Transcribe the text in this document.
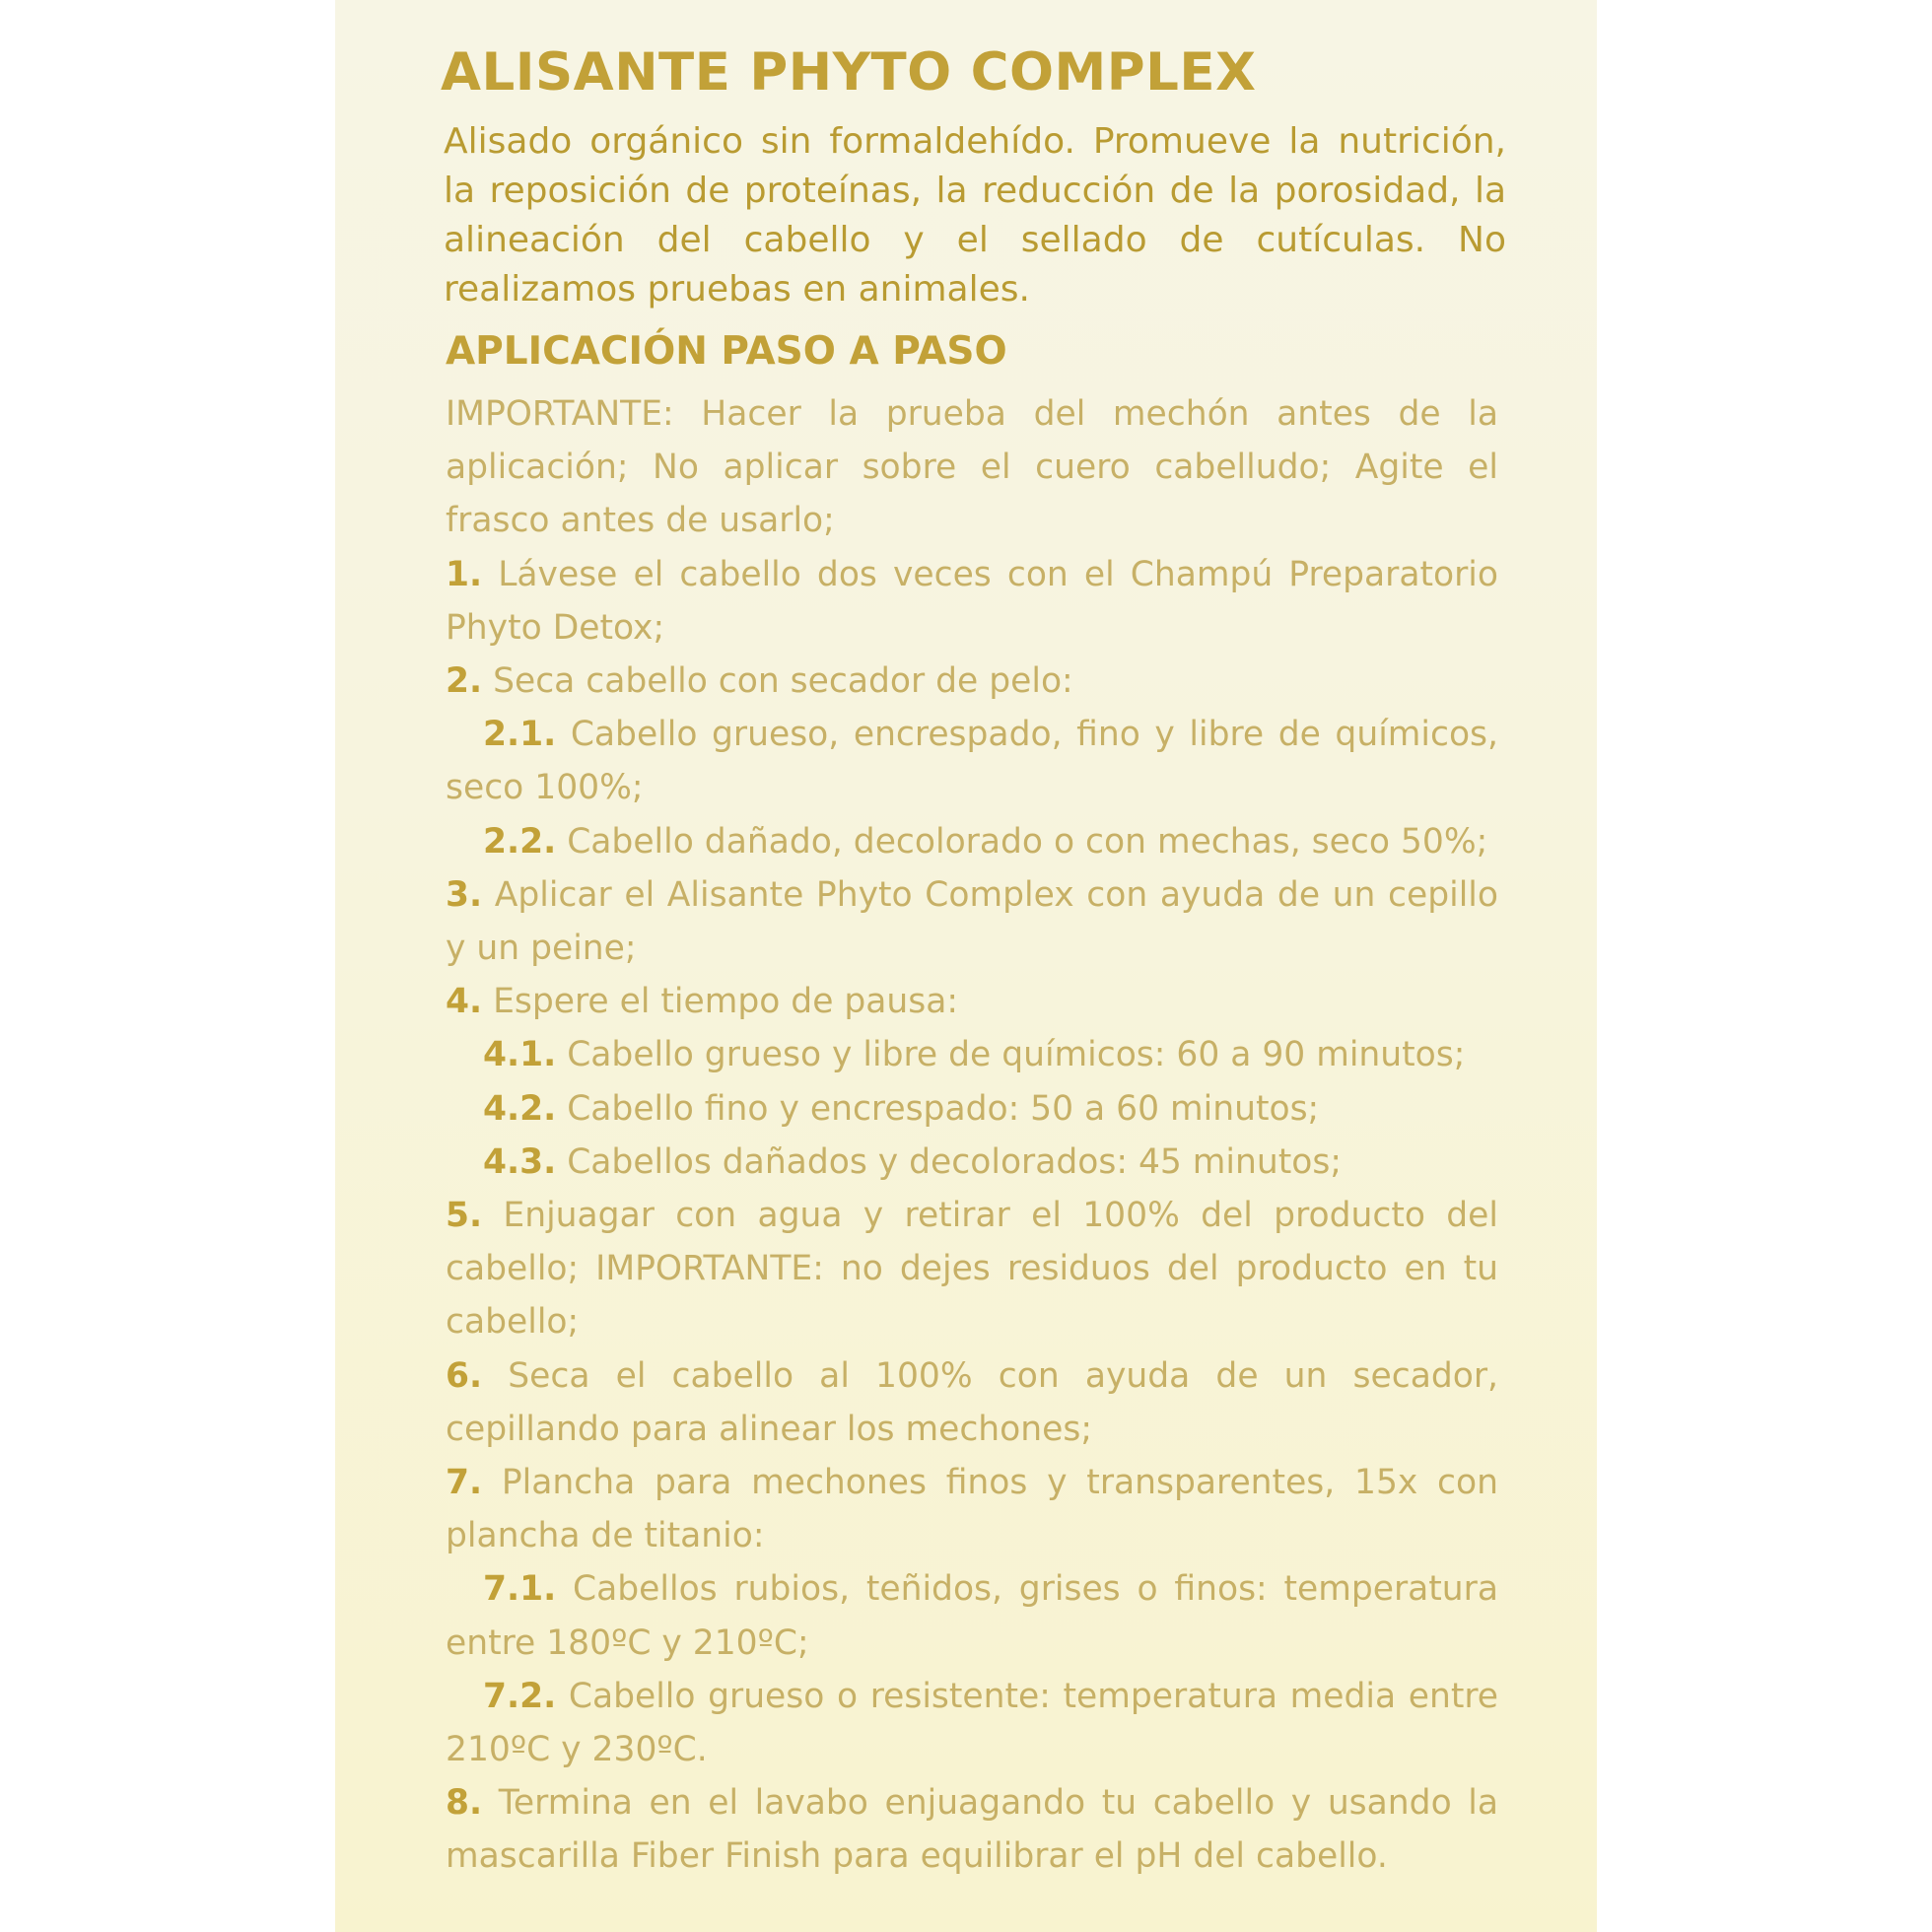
ALISANTE PHYTO COMPLEX

Alisado orgánico sin formaldehído. Promueve la nutrición, la reposición de proteínas, la reducción de la porosidad, la alineación del cabello y el sellado de cutículas. No realizamos pruebas en animales.

APLICACIÓN PASO A PASO

IMPORTANTE: Hacer la prueba del mechón antes de la aplicación; No aplicar sobre el cuero cabelludo; Agite el frasco antes de usarlo;

1. Lávese el cabello dos veces con el Champú Preparatorio Phyto Detox;

2. Seca cabello con secador de pelo:

2.1. Cabello grueso, encrespado, fino y libre de químicos, seco 100%;

2.2. Cabello dañado, decolorado o con mechas, seco 50%;

3. Aplicar el Alisante Phyto Complex con ayuda de un cepillo y un peine;

4. Espere el tiempo de pausa:

4.1. Cabello grueso y libre de químicos: 60 a 90 minutos;

4.2. Cabello fino y encrespado: 50 a 60 minutos;

4.3. Cabellos dañados y decolorados: 45 minutos;

5. Enjuagar con agua y retirar el 100% del producto del cabello; IMPORTANTE: no dejes residuos del producto en tu cabello;

6. Seca el cabello al 100% con ayuda de un secador, cepillando para alinear los mechones;

7. Plancha para mechones finos y transparentes, 15x con plancha de titanio:

7.1. Cabellos rubios, teñidos, grises o finos: temperatura entre 180ºC y 210ºC;

7.2. Cabello grueso o resistente: temperatura media entre 210ºC y 230ºC.

8. Termina en el lavabo enjuagando tu cabello y usando la mascarilla Fiber Finish para equilibrar el pH del cabello.
